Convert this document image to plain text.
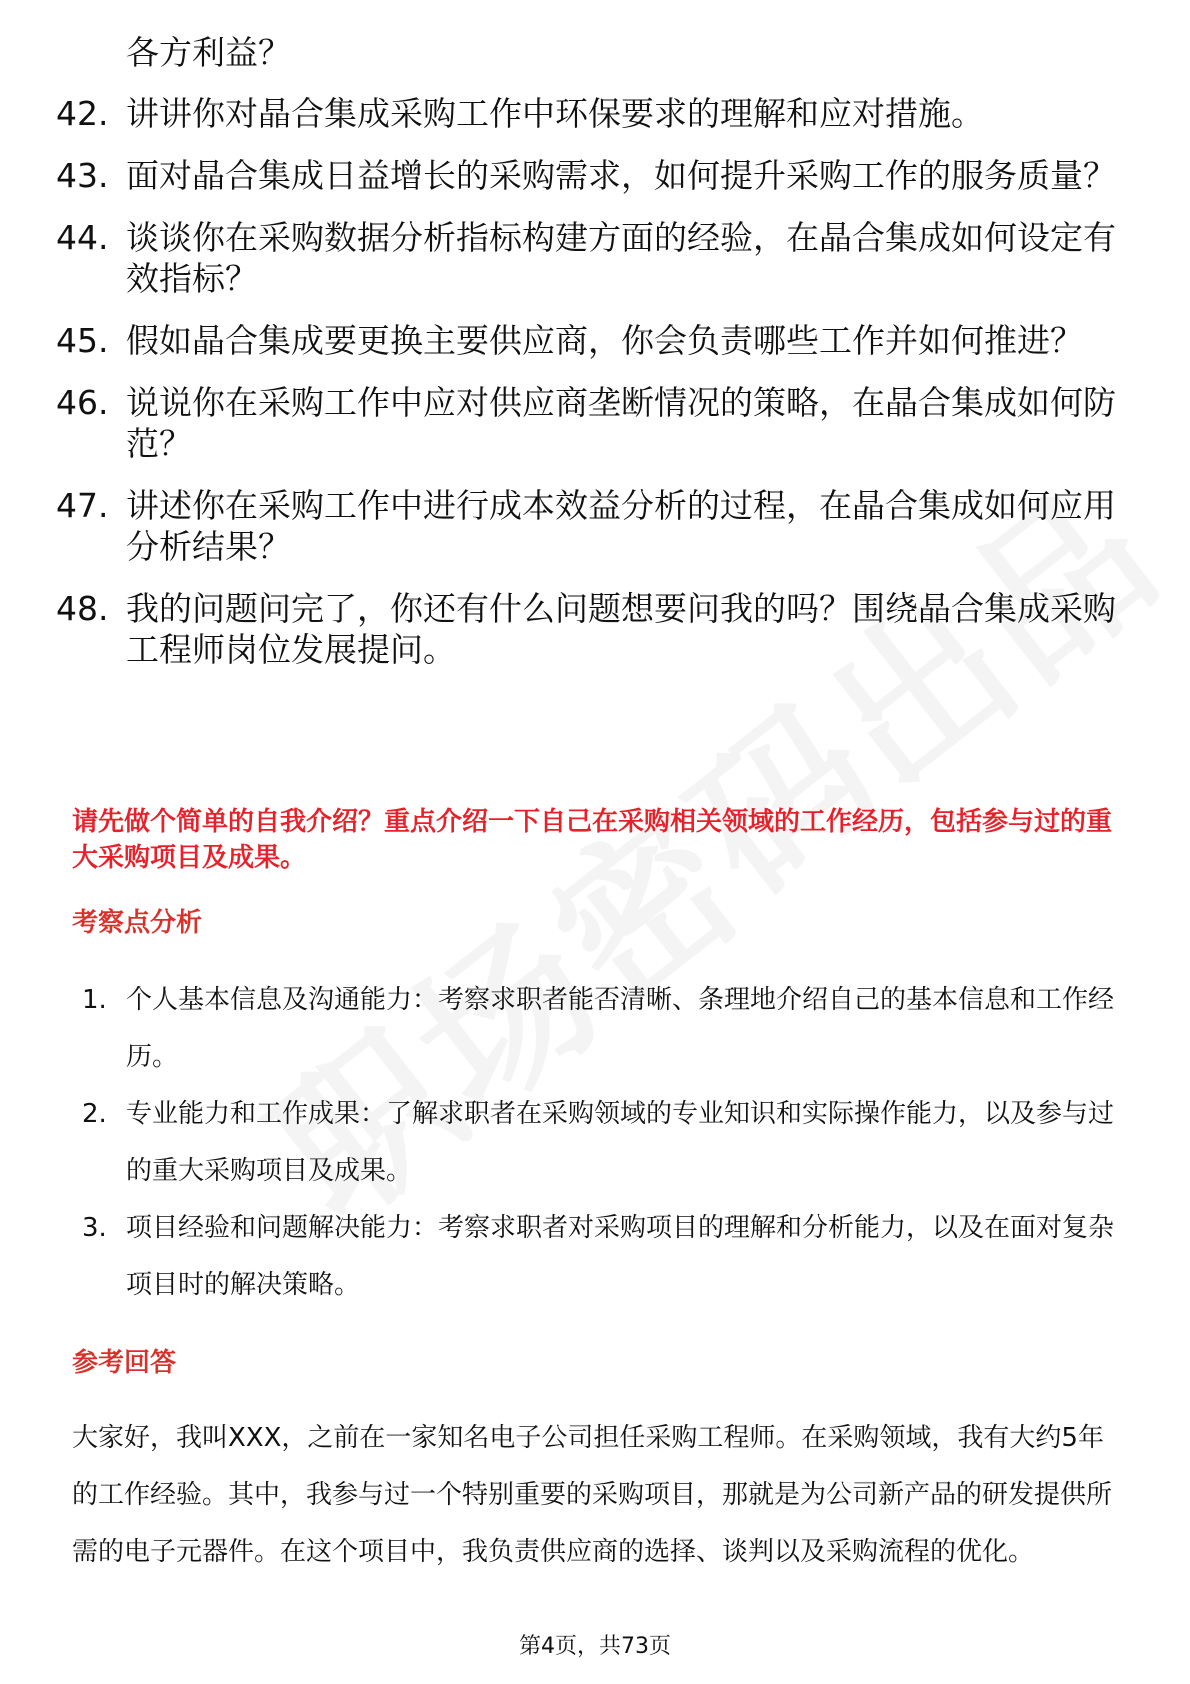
各方利益？
42. 讲讲你对晶合集成采购工作中环保要求的理解和应对措施。
43. 面对晶合集成日益增长的采购需求，如何提升采购工作的服务质量？
44. 谈谈你在采购数据分析指标构建方面的经验，在晶合集成如何设定有效指标？
45. 假如晶合集成要更换主要供应商，你会负责哪些工作并如何推进？
46. 说说你在采购工作中应对供应商垄断情况的策略，在晶合集成如何防范？
47. 讲述你在采购工作中进行成本效益分析的过程，在晶合集成如何应用分析结果？
48. 我的问题问完了，你还有什么问题想要问我的吗？围绕晶合集成采购工程师岗位发展提问。
请先做个简单的自我介绍？重点介绍一下自己在采购相关领域的工作经历，包括参与过的重大采购项目及成果。
考察点分析
1. 个人基本信息及沟通能力：考察求职者能否清晰、条理地介绍自己的基本信息和工作经历。
2. 专业能力和工作成果：了解求职者在采购领域的专业知识和实际操作能力，以及参与过的重大采购项目及成果。
3. 项目经验和问题解决能力：考察求职者对采购项目的理解和分析能力，以及在面对复杂项目时的解决策略。
参考回答
大家好，我叫XXX，之前在一家知名电子公司担任采购工程师。在采购领域，我有大约5年的工作经验。其中，我参与过一个特别重要的采购项目，那就是为公司新产品的研发提供所需的电子元器件。在这个项目中，我负责供应商的选择、谈判以及采购流程的优化。
第4页，共73页
